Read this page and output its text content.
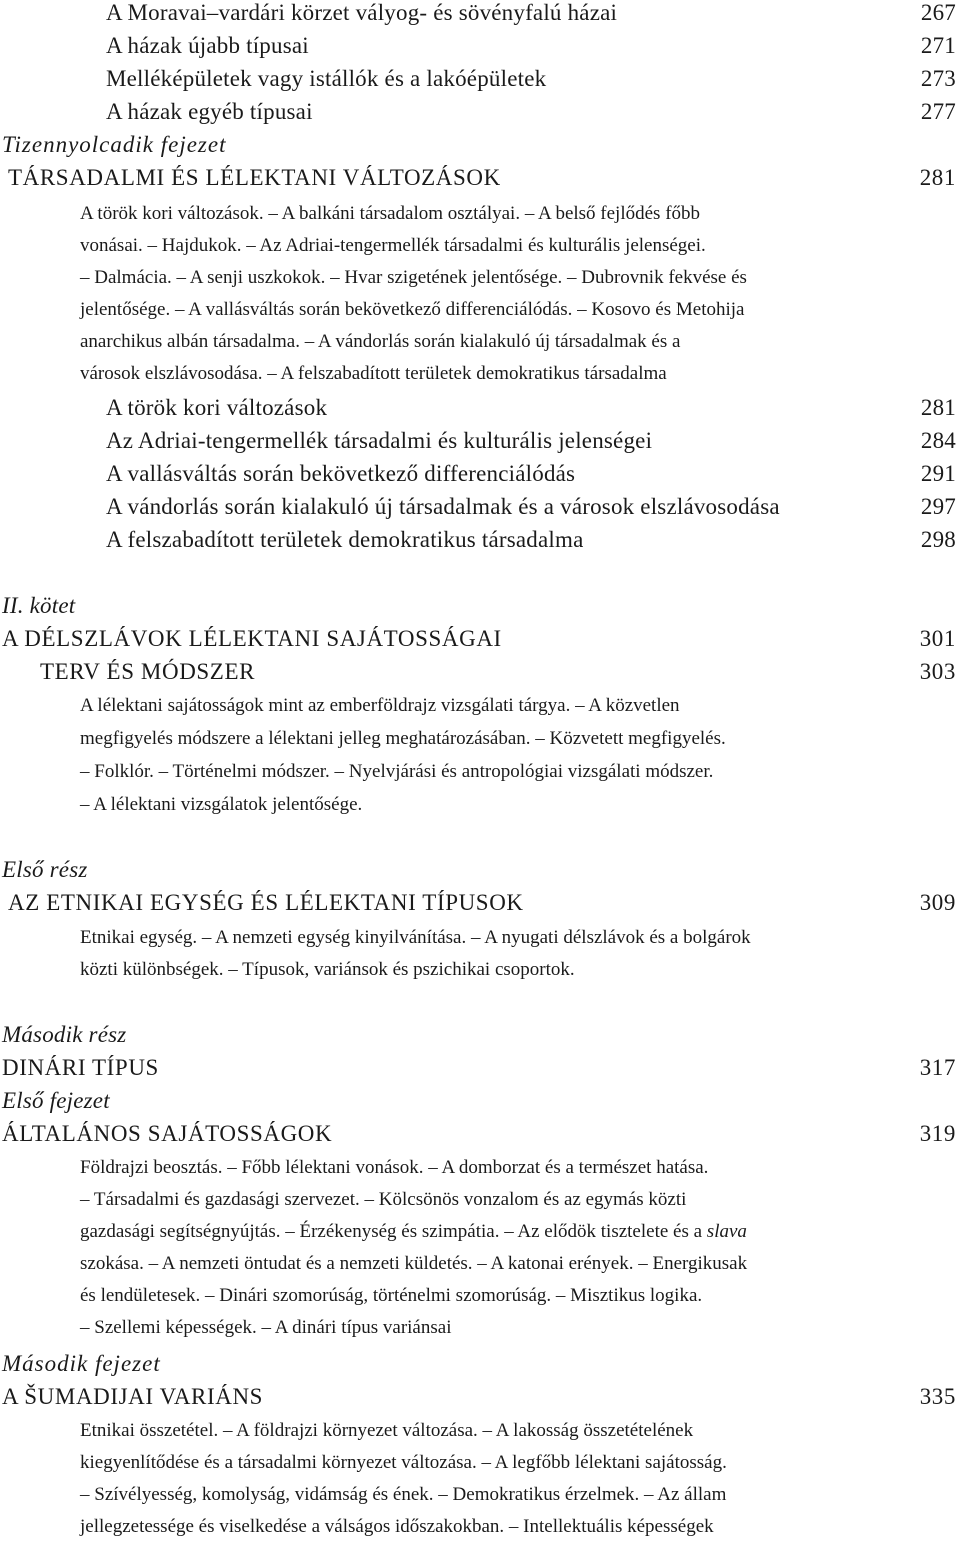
A Moravai–vardári körzet vályog- és sövényfalú házai	267
A házak újabb típusai	271
Melléképületek vagy istállók és a lakóépületek	273
A házak egyéb típusai	277
Tizennyolcadik fejezet
TÁRSADALMI ÉS LÉLEKTANI VÁLTOZÁSOK	281
A török kori változások. – A balkáni társadalom osztályai. – A belső fejlődés főbb
vonásai. – Hajdukok. – Az Adriai-tengermellék társadalmi és kulturális jelenségei.
– Dalmácia. – A senji uszkokok. – Hvar szigetének jelentősége. – Dubrovnik fekvése és
jelentősége. – A vallásváltás során bekövetkező differenciálódás. – Kosovo és Metohija
anarchikus albán társadalma. – A vándorlás során kialakuló új társadalmak és a
városok elszlávosodása. – A felszabadított területek demokratikus társadalma
A török kori változások	281
Az Adriai-tengermellék társadalmi és kulturális jelenségei	284
A vallásváltás során bekövetkező differenciálódás	291
A vándorlás során kialakuló új társadalmak és a városok elszlávosodása	297
A felszabadított területek demokratikus társadalma	298
II. kötet
A DÉLSZLÁVOK LÉLEKTANI SAJÁTOSSÁGAI	301
TERV ÉS MÓDSZER	303
A lélektani sajátosságok mint az emberföldrajz vizsgálati tárgya. – A közvetlen
megfigyelés módszere a lélektani jelleg meghatározásában. – Közvetett megfigyelés.
– Folklór. – Történelmi módszer. – Nyelvjárási és antropológiai vizsgálati módszer.
– A lélektani vizsgálatok jelentősége.
Első rész
AZ ETNIKAI EGYSÉG ÉS LÉLEKTANI TÍPUSOK	309
Etnikai egység. – A nemzeti egység kinyilvánítása. – A nyugati délszlávok és a bolgárok
közti különbségek. – Típusok, variánsok és pszichikai csoportok.
Második rész
DINÁRI TÍPUS	317
Első fejezet
ÁLTALÁNOS SAJÁTOSSÁGOK	319
Földrajzi beosztás. – Főbb lélektani vonások. – A domborzat és a természet hatása.
– Társadalmi és gazdasági szervezet. – Kölcsönös vonzalom és az egymás közti
gazdasági segítségnyújtás. – Érzékenység és szimpátia. – Az elődök tisztelete és a slava
szokása. – A nemzeti öntudat és a nemzeti küldetés. – A katonai erények. – Energikusak
és lendületesek. – Dinári szomorúság, történelmi szomorúság. – Misztikus logika.
– Szellemi képességek. – A dinári típus variánsai
Második fejezet
A ŠUMADIJAI VARIÁNS	335
Etnikai összetétel. – A földrajzi környezet változása. – A lakosság összetételének
kiegyenlítődése és a társadalmi környezet változása. – A legfőbb lélektani sajátosság.
– Szívélyesség, komolyság, vidámság és ének. – Demokratikus érzelmek. – Az állam
jellegzetessége és viselkedése a válságos időszakokban. – Intellektuális képességek
